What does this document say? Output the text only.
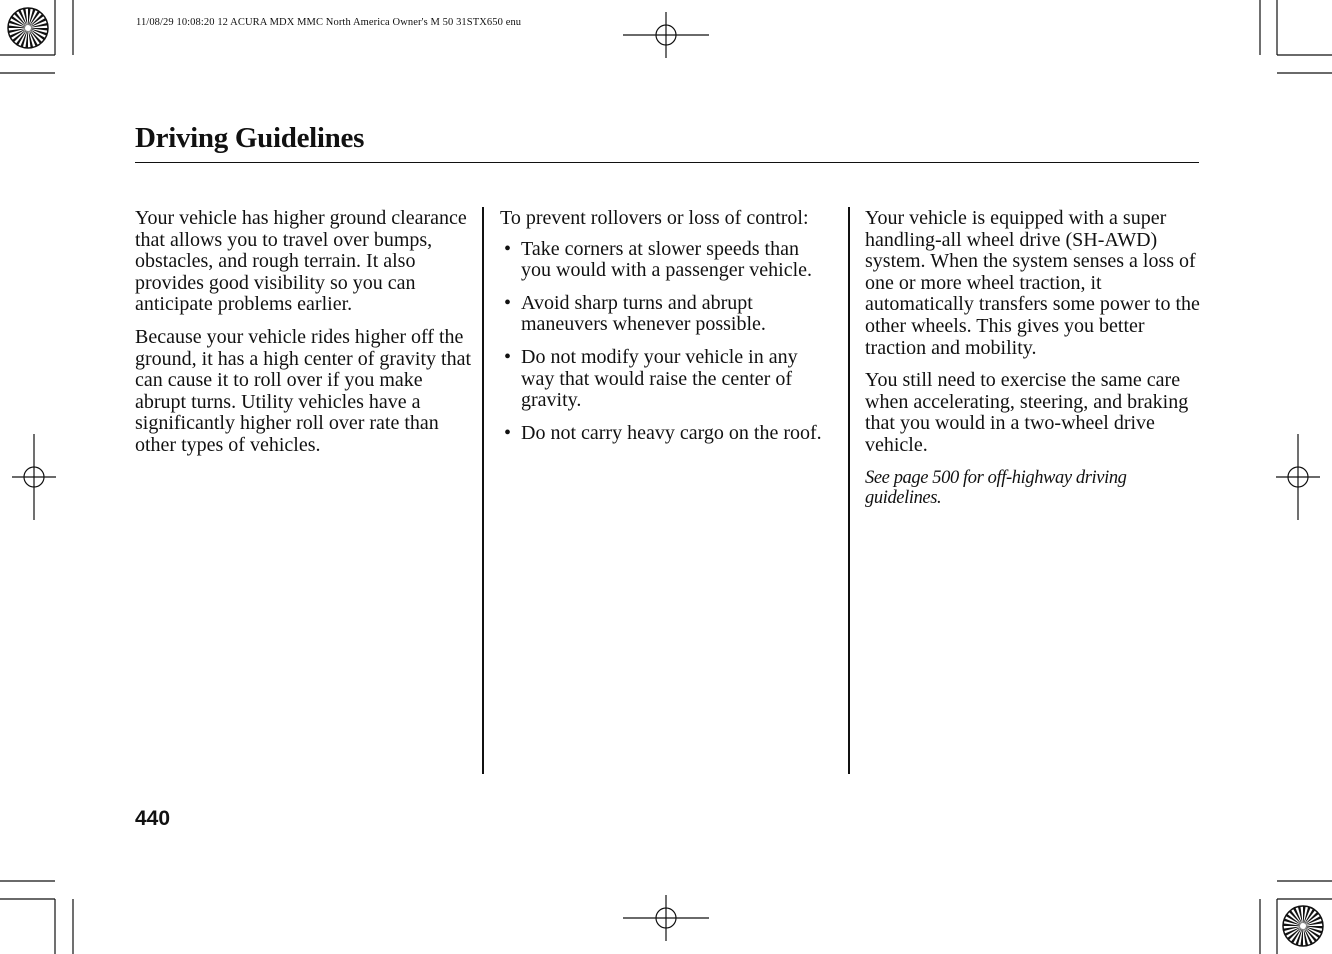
11/08/29 10:08:20 12 ACURA MDX MMC North America Owner's M 50 31STX650 enu
Driving Guidelines

Your vehicle has higher ground clearance that allows you to travel over bumps, obstacles, and rough terrain. It also provides good visibility so you can anticipate problems earlier.

Because your vehicle rides higher off the ground, it has a high center of gravity that can cause it to roll over if you make abrupt turns. Utility vehicles have a significantly higher roll over rate than other types of vehicles.

To prevent rollovers or loss of control:

• Take corners at slower speeds than you would with a passenger vehicle.
• Avoid sharp turns and abrupt maneuvers whenever possible.
• Do not modify your vehicle in any way that would raise the center of gravity.
• Do not carry heavy cargo on the roof.

Your vehicle is equipped with a super handling-all wheel drive (SH-AWD) system. When the system senses a loss of one or more wheel traction, it automatically transfers some power to the other wheels. This gives you better traction and mobility.

You still need to exercise the same care when accelerating, steering, and braking that you would in a two-wheel drive vehicle.

See page 500 for off-highway driving guidelines.

440
